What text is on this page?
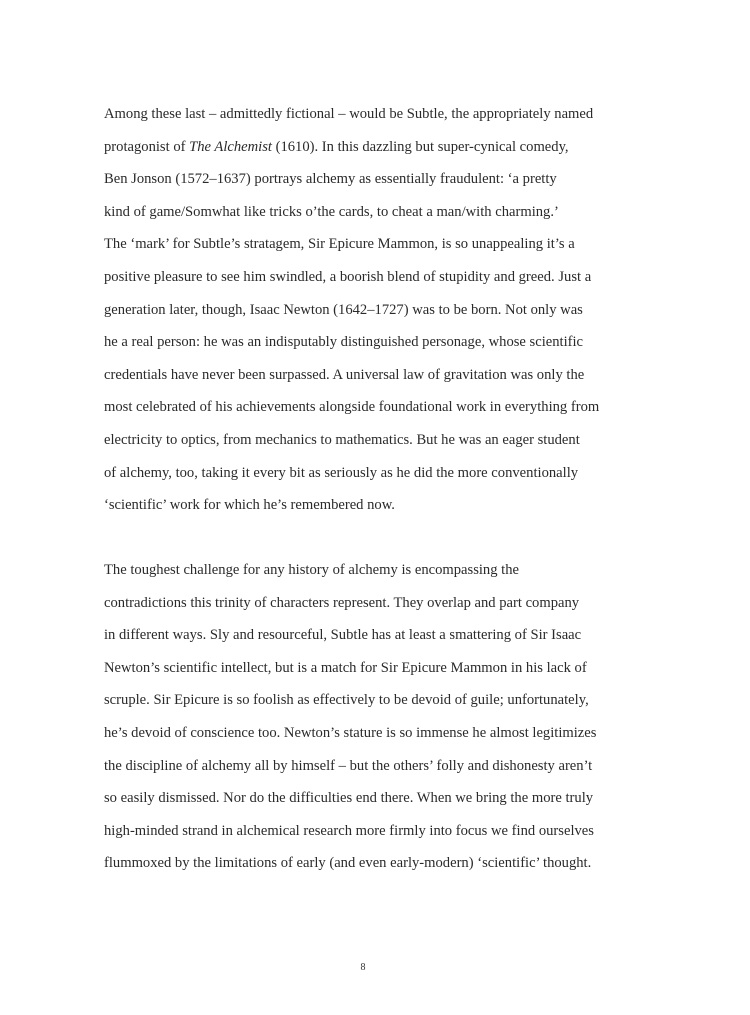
Among these last – admittedly fictional – would be Subtle, the appropriately named
protagonist of The Alchemist (1610). In this dazzling but super-cynical comedy,
Ben Jonson (1572–1637) portrays alchemy as essentially fraudulent: ‘a pretty
kind of game/Somwhat like tricks o’the cards, to cheat a man/with charming.’
The ‘mark’ for Subtle’s stratagem, Sir Epicure Mammon, is so unappealing it’s a
positive pleasure to see him swindled, a boorish blend of stupidity and greed. Just a
generation later, though, Isaac Newton (1642–1727) was to be born. Not only was
he a real person: he was an indisputably distinguished personage, whose scientific
credentials have never been surpassed. A universal law of gravitation was only the
most celebrated of his achievements alongside foundational work in everything from
electricity to optics, from mechanics to mathematics. But he was an eager student
of alchemy, too, taking it every bit as seriously as he did the more conventionally
‘scientific’ work for which he’s remembered now.
The toughest challenge for any history of alchemy is encompassing the
contradictions this trinity of characters represent. They overlap and part company
in different ways. Sly and resourceful, Subtle has at least a smattering of Sir Isaac
Newton’s scientific intellect, but is a match for Sir Epicure Mammon in his lack of
scruple. Sir Epicure is so foolish as effectively to be devoid of guile; unfortunately,
he’s devoid of conscience too. Newton’s stature is so immense he almost legitimizes
the discipline of alchemy all by himself – but the others’ folly and dishonesty aren’t
so easily dismissed. Nor do the difficulties end there. When we bring the more truly
high-minded strand in alchemical research more firmly into focus we find ourselves
flummoxed by the limitations of early (and even early-modern) ‘scientific’ thought.
8
